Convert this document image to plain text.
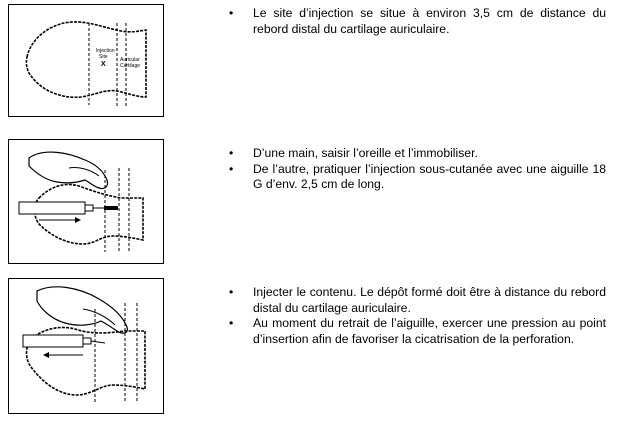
Injection
Site
X
Auricular
Cartilage
• Le site d’injection se situe à environ 3,5 cm de distance du rebord distal du cartilage auriculaire.
• D’une main, saisir l’oreille et l’immobiliser.
• De l’autre, pratiquer l’injection sous-cutanée avec une aiguille 18 G d’env. 2,5 cm de long.
• Injecter le contenu. Le dépôt formé doit être à distance du rebord distal du cartilage auriculaire.
• Au moment du retrait de l’aiguille, exercer une pression au point d’insertion afin de favoriser la cicatrisation de la perforation.
